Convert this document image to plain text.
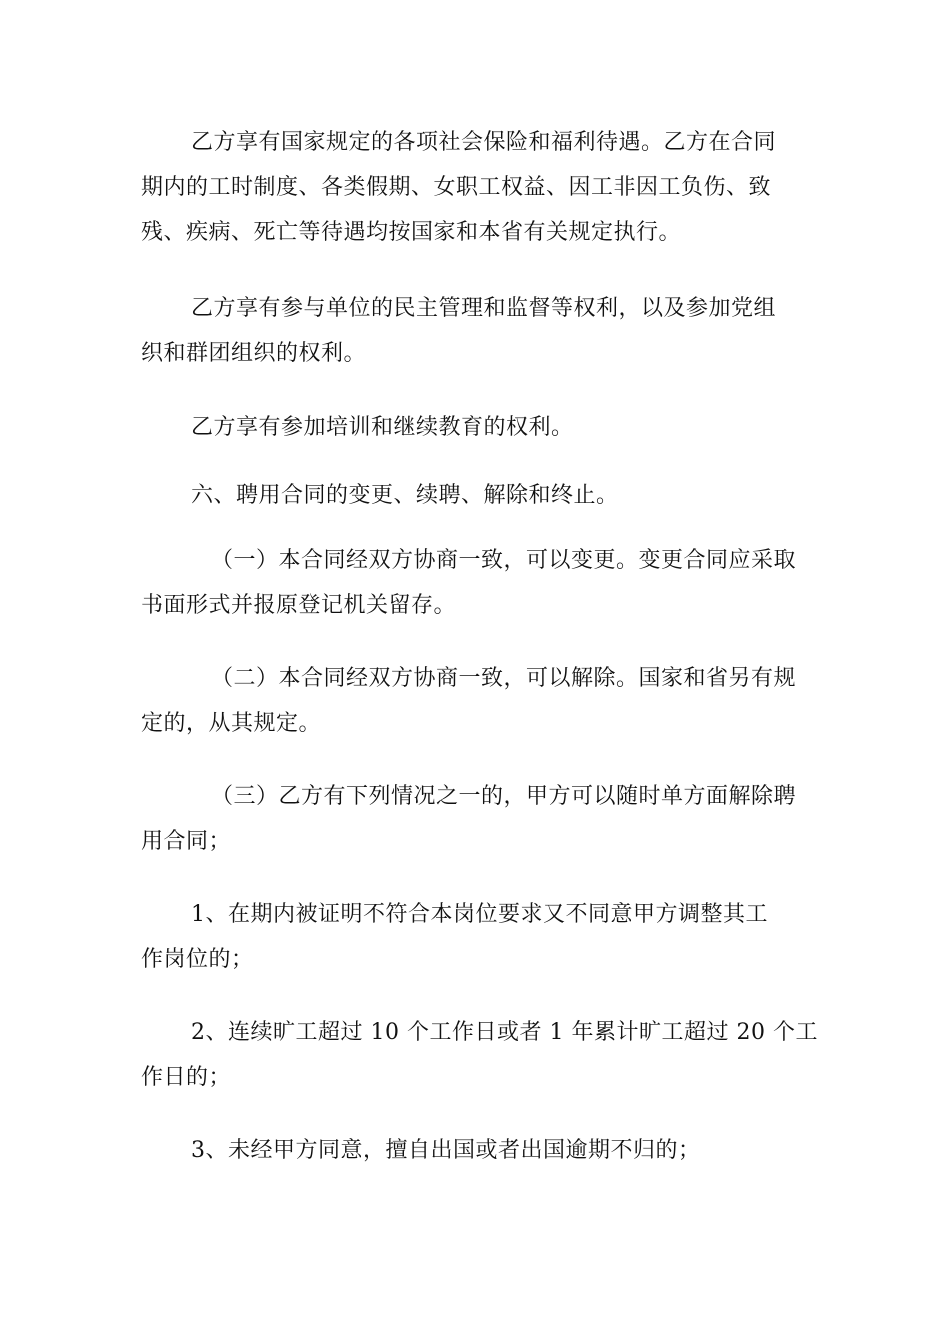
乙方享有国家规定的各项社会保险和福利待遇。乙方在合同
期内的工时制度、各类假期、女职工权益、因工非因工负伤、致
残、疾病、死亡等待遇均按国家和本省有关规定执行。

乙方享有参与单位的民主管理和监督等权利，以及参加党组
织和群团组织的权利。

乙方享有参加培训和继续教育的权利。

六、聘用合同的变更、续聘、解除和终止。

（一）本合同经双方协商一致，可以变更。变更合同应采取
书面形式并报原登记机关留存。

（二）本合同经双方协商一致，可以解除。国家和省另有规
定的，从其规定。

（三）乙方有下列情况之一的，甲方可以随时单方面解除聘
用合同；

1、在期内被证明不符合本岗位要求又不同意甲方调整其工
作岗位的；

2、连续旷工超过 10 个工作日或者 1 年累计旷工超过 20 个工
作日的；

3、未经甲方同意，擅自出国或者出国逾期不归的；
